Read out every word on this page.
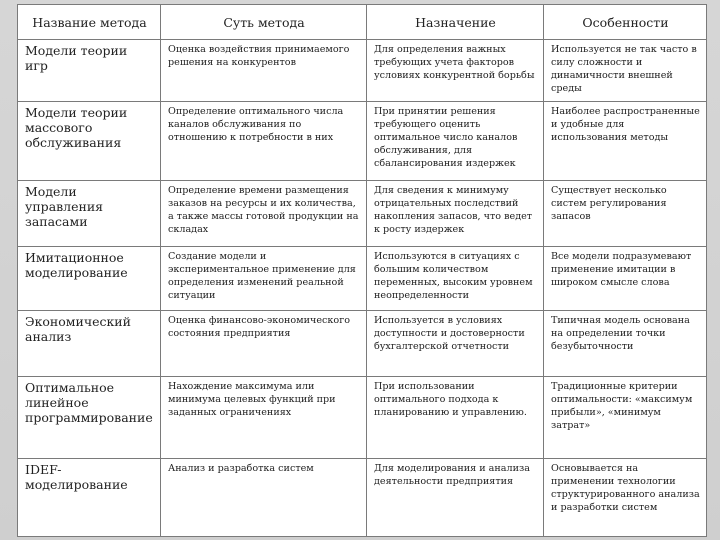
Название метода	Суть метода	Назначение	Особенности
Модели теории игр	Оценка воздействия принимаемого решения на конкурентов	Для определения важных требующих учета факторов условиях конкурентной борьбы	Используется не так часто в силу сложности и динамичности внешней среды
Модели теории массового обслуживания	Определение оптимального числа каналов обслуживания по отношению к потребности в них	При принятии решения требующего оценить оптимальное число каналов обслуживания, для сбалансирования издержек	Наиболее распространенные и удобные для использования методы
Модели управления запасами	Определение времени размещения заказов на ресурсы и их количества, а также массы готовой продукции на складах	Для сведения к минимуму отрицательных последствий накопления запасов, что ведет к росту издержек	Существует несколько систем регулирования запасов
Имитационное моделирование	Создание модели и экспериментальное применение для определения изменений реальной ситуации	Используются в ситуациях с большим количеством переменных, высоким уровнем неопределенности	Все модели подразумевают применение имитации в широком смысле слова
Экономический анализ	Оценка финансово-экономического состояния предприятия	Используется в условиях доступности и достоверности бухгалтерской отчетности	Типичная модель основана на определении точки безубыточности
Оптимальное линейное программирование	Нахождение максимума или минимума целевых функций при заданных ограничениях	При использовании оптимального подхода к планированию и управлению.	Традиционные критерии оптимальности: «максимум прибыли», «минимум затрат»
IDEF-моделирование	Анализ и разработка систем	Для моделирования и анализа деятельности предприятия	Основывается на применении технологии структурированного анализа и разработки систем
